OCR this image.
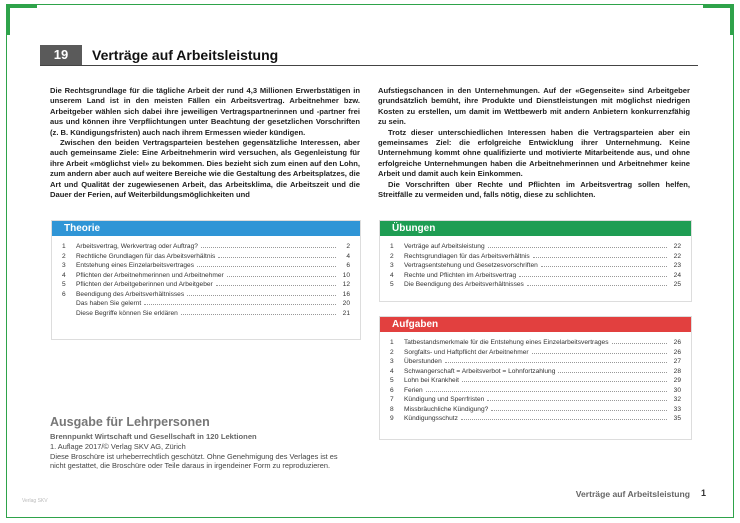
19	Verträge auf Arbeitsleistung

Die Rechtsgrundlage für die tägliche Arbeit der rund 4,3 Millionen Erwerbstätigen in unserem Land ist in den meisten Fällen ein Arbeitsvertrag. Arbeitnehmer bzw. Arbeitgeber wählen sich dabei ihre jeweiligen Vertragspartnerinnen und -partner frei aus und können ihre Verpflichtungen unter Beachtung der gesetzlichen Vorschriften (z. B. Kündigungsfristen) auch nach ihrem Ermessen wieder kündigen.

Zwischen den beiden Vertragsparteien bestehen gegensätzliche Interessen, aber auch gemeinsame Ziele: Eine Arbeitnehmerin wird versuchen, als Gegenleistung für ihre Arbeit «möglichst viel» zu bekommen. Dies bezieht sich zum einen auf den Lohn, zum andern aber auch auf weitere Bereiche wie die Gestaltung des Arbeitsplatzes, die Art und Qualität der zugewiesenen Arbeit, das Arbeitsklima, die Arbeitszeit und die Dauer der Ferien, auf Weiterbildungsmöglichkeiten und

Aufstiegschancen in den Unternehmungen. Auf der «Gegenseite» sind Arbeitgeber grundsätzlich bemüht, ihre Produkte und Dienstleistungen mit möglichst niedrigen Kosten zu erstellen, um damit im Wettbewerb mit andern Anbietern konkurrenzfähig zu sein.

Trotz dieser unterschiedlichen Interessen haben die Vertragsparteien aber ein gemeinsames Ziel: die erfolgreiche Entwicklung ihrer Unternehmung. Keine Unternehmung kommt ohne qualifizierte und motivierte Mitarbeitende aus, und ohne erfolgreiche Unternehmungen haben die Arbeitnehmerinnen und Arbeitnehmer keine Arbeit und damit auch kein Einkommen.

Die Vorschriften über Rechte und Pflichten im Arbeitsvertrag sollen helfen, Streitfälle zu vermeiden und, falls nötig, diese zu schlichten.

Theorie
1	Arbeitsvertrag, Werkvertrag oder Auftrag?	2
2	Rechtliche Grundlagen für das Arbeitsverhältnis	4
3	Entstehung eines Einzelarbeitsvertrages	6
4	Pflichten der Arbeitnehmerinnen und Arbeitnehmer	10
5	Pflichten der Arbeitgeberinnen und Arbeitgeber	12
6	Beendigung des Arbeitsverhältnisses	16
Das haben Sie gelernt	20
Diese Begriffe können Sie erklären	21
Übungen
1	Verträge auf Arbeitsleistung	22
2	Rechtsgrundlagen für das Arbeitsverhältnis	22
3	Vertragsentstehung und Gesetzesvorschriften	23
4	Rechte und Pflichten im Arbeitsvertrag	24
5	Die Beendigung des Arbeitsverhältnisses	25
Aufgaben
1	Tatbestandsmerkmale für die Entstehung eines Einzelarbeitsvertrages	26
2	Sorgfalts- und Haftpflicht der Arbeitnehmer	26
3	Überstunden	27
4	Schwangerschaft = Arbeitsverbot = Lohnfortzahlung	28
5	Lohn bei Krankheit	29
6	Ferien	30
7	Kündigung und Sperrfristen	32
8	Missbräuchliche Kündigung?	33
9	Kündigungsschutz	35
Ausgabe für Lehrpersonen
Brennpunkt Wirtschaft und Gesellschaft in 120 Lektionen
1. Auflage 2017/© Verlag SKV AG, Zürich
Diese Broschüre ist urheberrechtlich geschützt. Ohne Genehmigung des Verlages ist es
nicht gestattet, die Broschüre oder Teile daraus in irgendeiner Form zu reproduzieren.
Verlag SKV
Verträge auf Arbeitsleistung 1
